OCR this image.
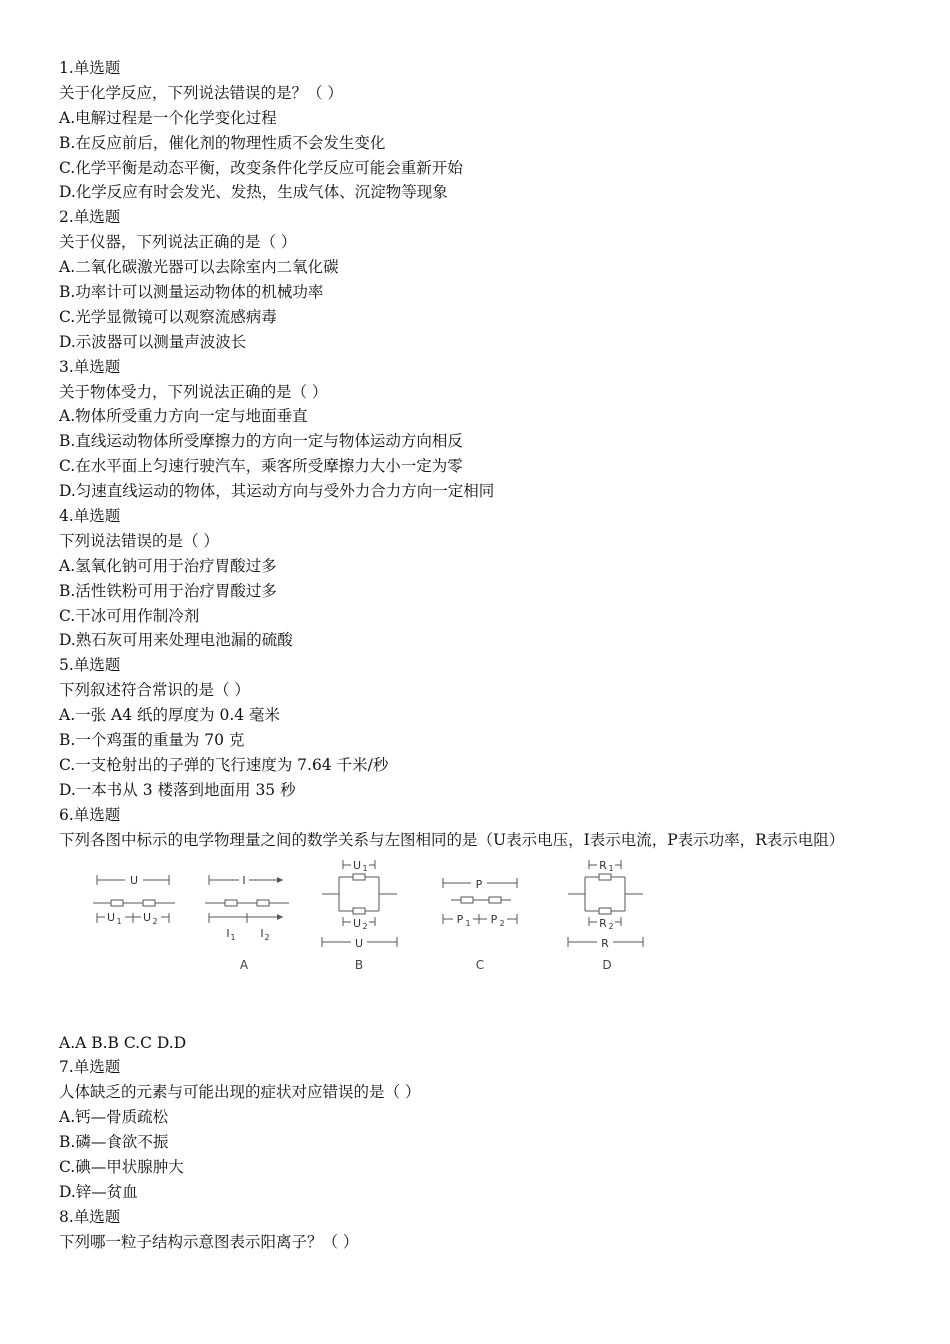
1.单选题
关于化学反应，下列说法错误的是？（ ）
A.电解过程是一个化学变化过程
B.在反应前后，催化剂的物理性质不会发生变化
C.化学平衡是动态平衡，改变条件化学反应可能会重新开始
D.化学反应有时会发光、发热，生成气体、沉淀物等现象
2.单选题
关于仪器，下列说法正确的是（ ）
A.二氧化碳激光器可以去除室内二氧化碳
B.功率计可以测量运动物体的机械功率
C.光学显微镜可以观察流感病毒
D.示波器可以测量声波波长
3.单选题
关于物体受力，下列说法正确的是（ ）
A.物体所受重力方向一定与地面垂直
B.直线运动物体所受摩擦力的方向一定与物体运动方向相反
C.在水平面上匀速行驶汽车，乘客所受摩擦力大小一定为零
D.匀速直线运动的物体，其运动方向与受外力合力方向一定相同
4.单选题
下列说法错误的是（ ）
A.氢氧化钠可用于治疗胃酸过多
B.活性铁粉可用于治疗胃酸过多
C.干冰可用作制冷剂
D.熟石灰可用来处理电池漏的硫酸
5.单选题
下列叙述符合常识的是（ ）
A.一张 A4 纸的厚度为 0.4 毫米
B.一个鸡蛋的重量为 70 克
C.一支枪射出的子弹的飞行速度为 7.64 千米/秒
D.一本书从 3 楼落到地面用 35 秒
6.单选题
下列各图中标示的电学物理量之间的数学关系与左图相同的是（U表示电压，I表示电流，P表示功率，R表示电阻）
U
U 1 U 2
I
I 1 I 2
A
U 1
U 2
U
B
P
P 1 P 2
C
R 1
R 2
R
D
A.A B.B C.C D.D
7.单选题
人体缺乏的元素与可能出现的症状对应错误的是（ ）
A.钙—骨质疏松
B.磷—食欲不振
C.碘—甲状腺肿大
D.锌—贫血
8.单选题
下列哪一粒子结构示意图表示阳离子？（ ）
